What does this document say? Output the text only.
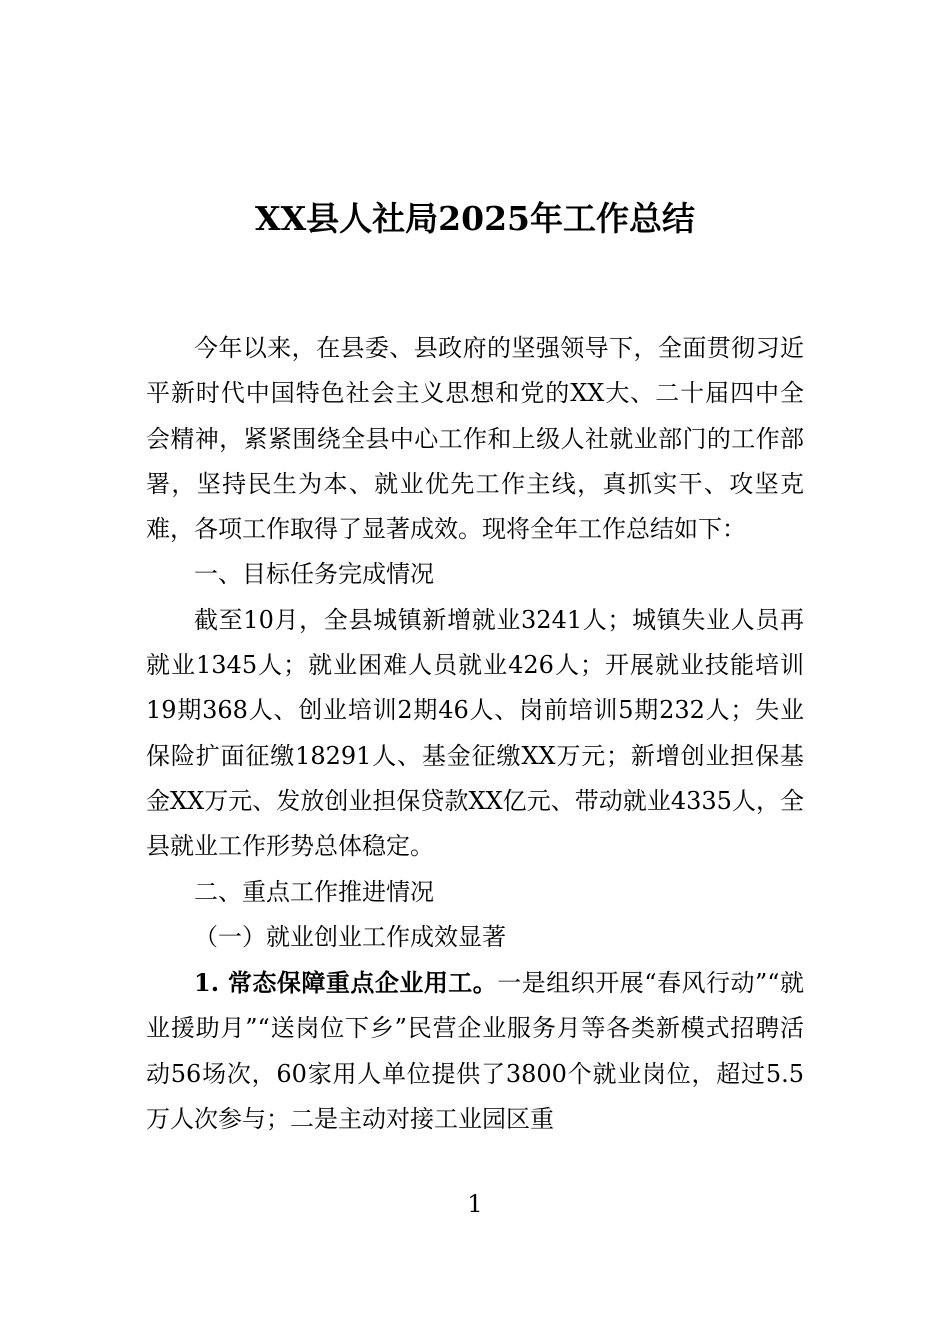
XX县人社局2025年工作总结

今年以来，在县委、县政府的坚强领导下，全面贯彻习近平新时代中国特色社会主义思想和党的XX大、二十届四中全会精神，紧紧围绕全县中心工作和上级人社就业部门的工作部署，坚持民生为本、就业优先工作主线，真抓实干、攻坚克难，各项工作取得了显著成效。现将全年工作总结如下：

一、目标任务完成情况

截至10月，全县城镇新增就业3241人；城镇失业人员再就业1345人；就业困难人员就业426人；开展就业技能培训19期368人、创业培训2期46人、岗前培训5期232人；失业保险扩面征缴18291人、基金征缴XX万元；新增创业担保基金XX万元、发放创业担保贷款XX亿元、带动就业4335人，全县就业工作形势总体稳定。

二、重点工作推进情况

（一）就业创业工作成效显著

1. 常态保障重点企业用工。一是组织开展“春风行动”“就业援助月”“送岗位下乡”民营企业服务月等各类新模式招聘活动56场次，60家用人单位提供了3800个就业岗位，超过5.5万人次参与；二是主动对接工业园区重

1
